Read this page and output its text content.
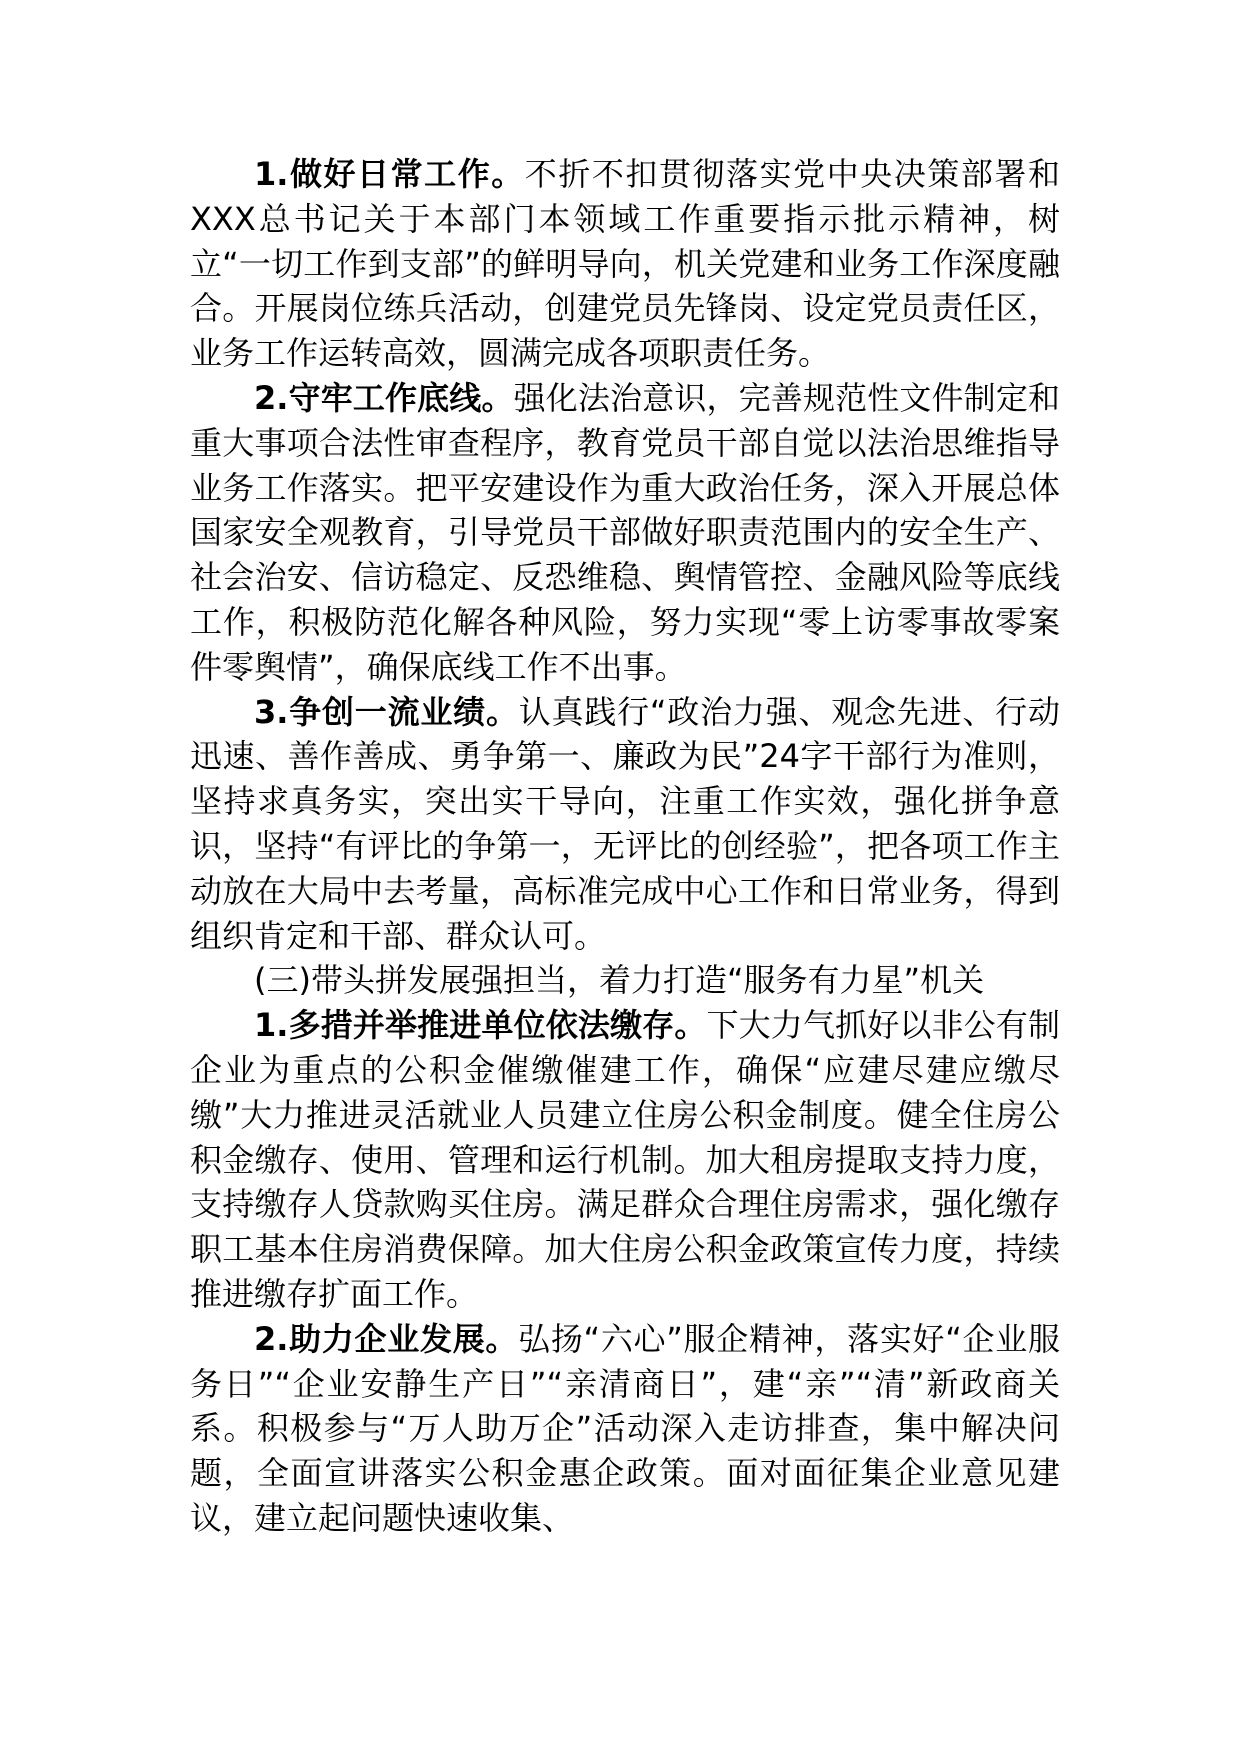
1.做好日常工作。不折不扣贯彻落实党中央决策部署和XXX总书记关于本部门本领域工作重要指示批示精神，树立“一切工作到支部”的鲜明导向，机关党建和业务工作深度融合。开展岗位练兵活动，创建党员先锋岗、设定党员责任区，业务工作运转高效，圆满完成各项职责任务。

2.守牢工作底线。强化法治意识，完善规范性文件制定和重大事项合法性审查程序，教育党员干部自觉以法治思维指导业务工作落实。把平安建设作为重大政治任务，深入开展总体国家安全观教育，引导党员干部做好职责范围内的安全生产、社会治安、信访稳定、反恐维稳、舆情管控、金融风险等底线工作，积极防范化解各种风险，努力实现“零上访零事故零案件零舆情”，确保底线工作不出事。

3.争创一流业绩。认真践行“政治力强、观念先进、行动迅速、善作善成、勇争第一、廉政为民”24字干部行为准则，坚持求真务实，突出实干导向，注重工作实效，强化拼争意识，坚持“有评比的争第一，无评比的创经验”，把各项工作主动放在大局中去考量，高标准完成中心工作和日常业务，得到组织肯定和干部、群众认可。

(三)带头拼发展强担当，着力打造“服务有力星”机关

1.多措并举推进单位依法缴存。下大力气抓好以非公有制企业为重点的公积金催缴催建工作，确保“应建尽建应缴尽缴”大力推进灵活就业人员建立住房公积金制度。健全住房公积金缴存、使用、管理和运行机制。加大租房提取支持力度，支持缴存人贷款购买住房。满足群众合理住房需求，强化缴存职工基本住房消费保障。加大住房公积金政策宣传力度，持续推进缴存扩面工作。

2.助力企业发展。弘扬“六心”服企精神，落实好“企业服务日”“企业安静生产日”“亲清商日”，建“亲”“清”新政商关系。积极参与“万人助万企”活动深入走访排查，集中解决问题，全面宣讲落实公积金惠企政策。面对面征集企业意见建议，建立起问题快速收集、
